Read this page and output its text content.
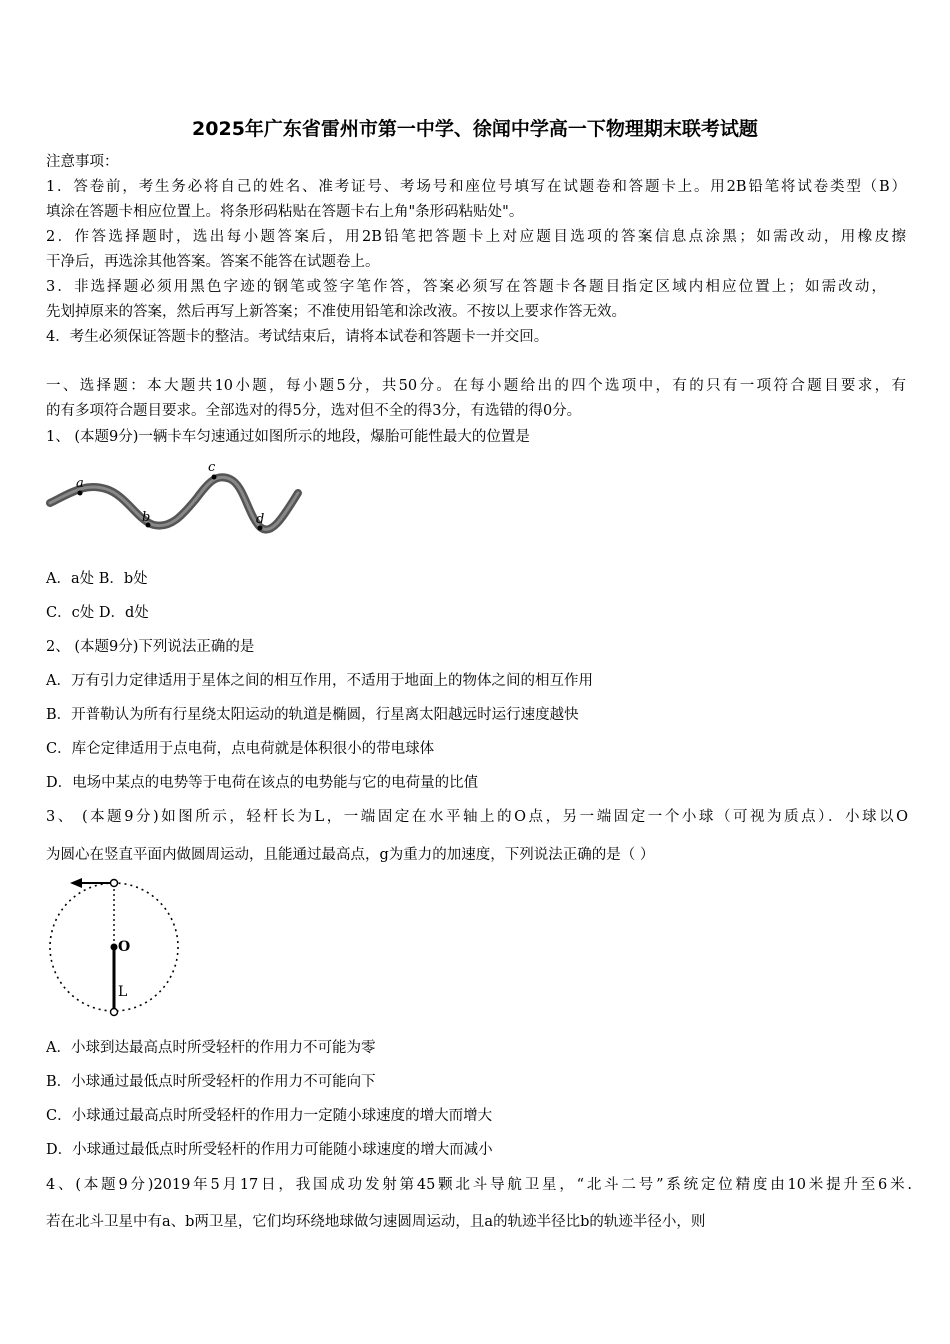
2025年广东省雷州市第一中学、徐闻中学高一下物理期末联考试题
注意事项：
1．答卷前，考生务必将自己的姓名、准考证号、考场号和座位号填写在试题卷和答题卡上。用2B铅笔将试卷类型（B）
填涂在答题卡相应位置上。将条形码粘贴在答题卡右上角"条形码粘贴处"。
2．作答选择题时，选出每小题答案后，用2B铅笔把答题卡上对应题目选项的答案信息点涂黑；如需改动，用橡皮擦
干净后，再选涂其他答案。答案不能答在试题卷上。
3．非选择题必须用黑色字迹的钢笔或签字笔作答，答案必须写在答题卡各题目指定区域内相应位置上；如需改动，
先划掉原来的答案，然后再写上新答案；不准使用铅笔和涂改液。不按以上要求作答无效。
4．考生必须保证答题卡的整洁。考试结束后，请将本试卷和答题卡一并交回。
一、选择题：本大题共10小题，每小题5分，共50分。在每小题给出的四个选项中，有的只有一项符合题目要求，有
的有多项符合题目要求。全部选对的得5分，选对但不全的得3分，有选错的得0分。
1、 (本题9分)一辆卡车匀速通过如图所示的地段，爆胎可能性最大的位置是
a
b
c
d
A．a处 B．b处
C．c处 D．d处
2、 (本题9分)下列说法正确的是
A．万有引力定律适用于星体之间的相互作用，不适用于地面上的物体之间的相互作用
B．开普勒认为所有行星绕太阳运动的轨道是椭圆，行星离太阳越远时运行速度越快
C．库仑定律适用于点电荷，点电荷就是体积很小的带电球体
D．电场中某点的电势等于电荷在该点的电势能与它的电荷量的比值
3、 (本题9分)如图所示，轻杆长为L，一端固定在水平轴上的O点，另一端固定一个小球（可视为质点）．小球以O
为圆心在竖直平面内做圆周运动，且能通过最高点，g为重力的加速度，下列说法正确的是（ ）
O
L
A．小球到达最高点时所受轻杆的作用力不可能为零
B．小球通过最低点时所受轻杆的作用力不可能向下
C．小球通过最高点时所受轻杆的作用力一定随小球速度的增大而增大
D．小球通过最低点时所受轻杆的作用力可能随小球速度的增大而减小
4、(本题9分)2019年5月17日，我国成功发射第45颗北斗导航卫星，“北斗二号”系统定位精度由10米提升至6米.
若在北斗卫星中有a、b两卫星，它们均环绕地球做匀速圆周运动，且a的轨迹半径比b的轨迹半径小，则
